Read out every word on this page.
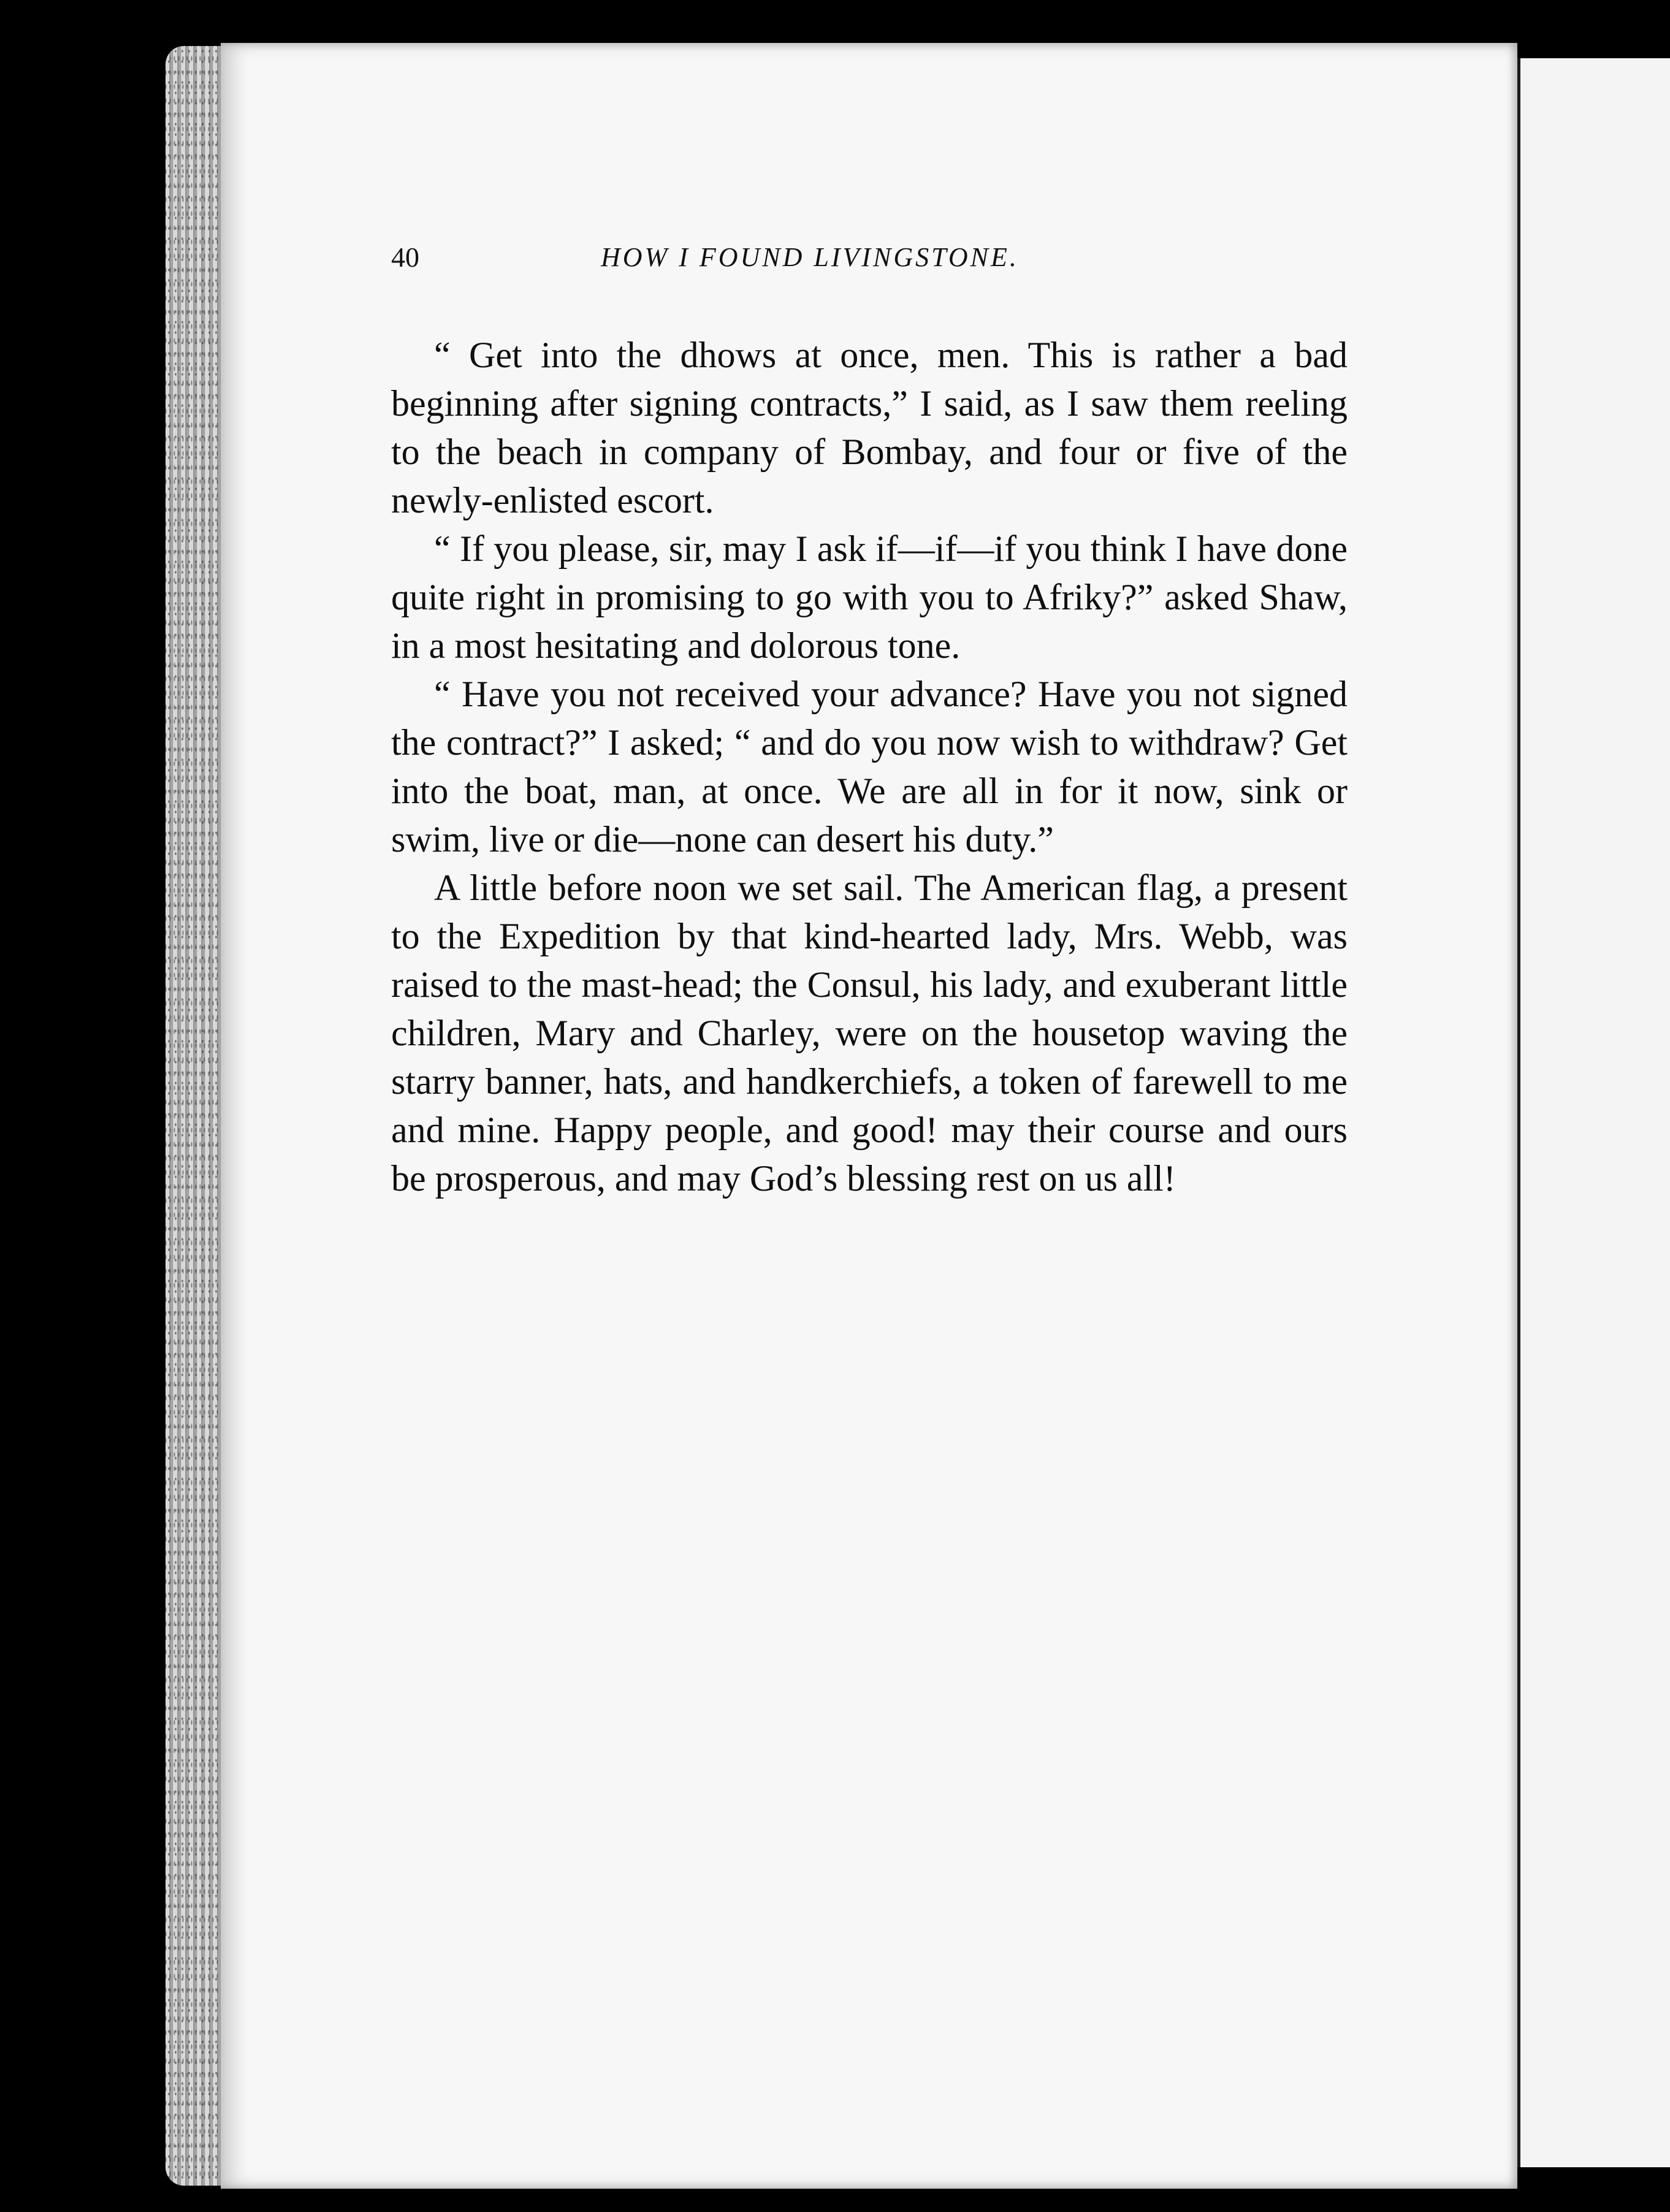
40	HOW I FOUND LIVINGSTONE.

“ Get into the dhows at once, men. This is rather a bad beginning after signing contracts,” I said, as I saw them reeling to the beach in company of Bombay, and four or five of the newly-enlisted escort.

“ If you please, sir, may I ask if—if—if you think I have done quite right in promising to go with you to Afriky?” asked Shaw, in a most hesitating and dolorous tone.

“ Have you not received your advance? Have you not signed the contract?” I asked; “ and do you now wish to withdraw? Get into the boat, man, at once. We are all in for it now, sink or swim, live or die—none can desert his duty.”

A little before noon we set sail. The American flag, a present to the Expedition by that kind-hearted lady, Mrs. Webb, was raised to the mast-head; the Consul, his lady, and exuberant little children, Mary and Charley, were on the housetop waving the starry banner, hats, and handkerchiefs, a token of farewell to me and mine. Happy people, and good! may their course and ours be prosperous, and may God’s blessing rest on us all!
